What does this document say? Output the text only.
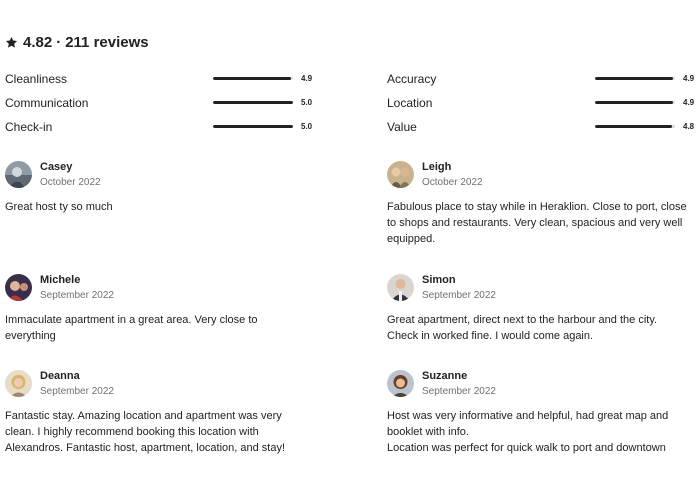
4.82 · 211 reviews
Cleanliness	4.9
Communication	5.0
Check-in	5.0
Accuracy	4.9
Location	4.9
Value	4.8
Casey
October 2022
Great host ty so much
Leigh
October 2022
Fabulous place to stay while in Heraklion. Close to port, close
to shops and restaurants. Very clean, spacious and very well
equipped.
Michele
September 2022
Immaculate apartment in a great area. Very close to
everything
Simon
September 2022
Great apartment, direct next to the harbour and the city.
Check in worked fine. I would come again.
Deanna
September 2022
Fantastic stay. Amazing location and apartment was very
clean. I highly recommend booking this location with
Alexandros. Fantastic host, apartment, location, and stay!
Suzanne
September 2022
Host was very informative and helpful, had great map and
booklet with info.
Location was perfect for quick walk to port and downtown
